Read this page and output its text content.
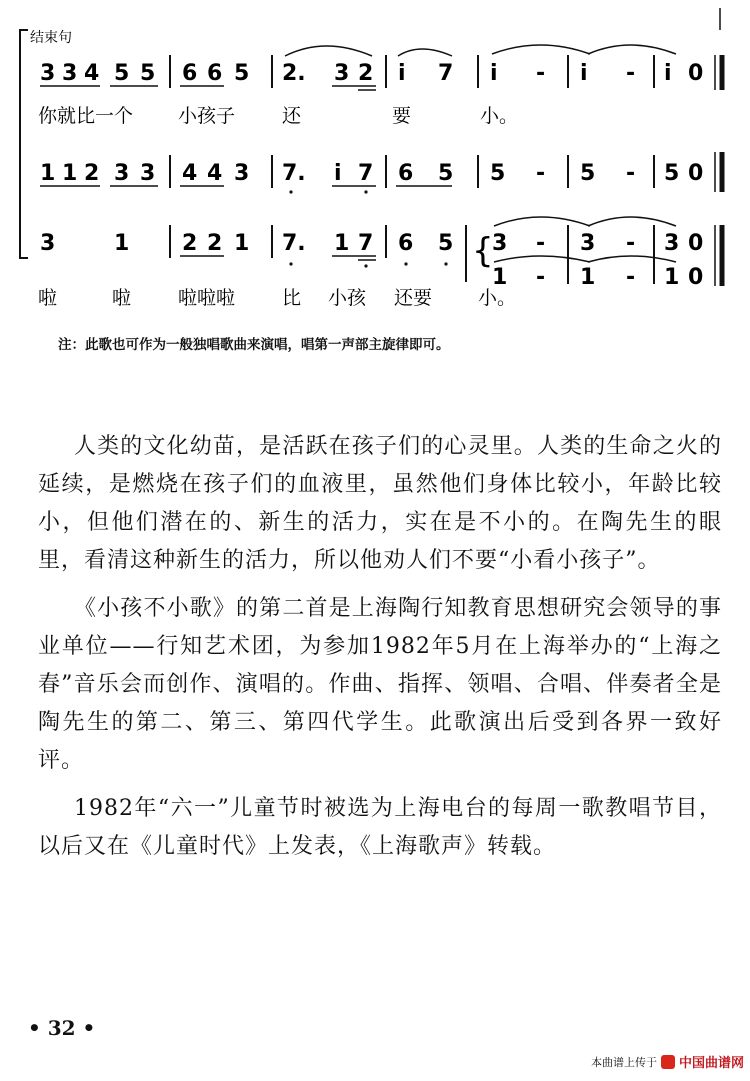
结束句
3 3 4 5 5 6 6 5 2. 3 2 i 7 i - i - i 0
你就比一个 小孩子 还	要	小。
1 1 2 3 3 4 4 3 7. i 7 6 5 5 - 5 - 5 0
3	1 2 2 1 7. 1 7 6 5 {
3 - 3 - 3 0
1 - 1 - 1 0
啦	啦 啦啦啦 比 小孩 还要 小。
注：此歌也可作为一般独唱歌曲来演唱，唱第一声部主旋律即可。

人类的文化幼苗，是活跃在孩子们的心灵里。人类的生命之火的延续，是燃烧在孩子们的血液里，虽然他们身体比较小，年龄比较小，但他们潜在的、新生的活力，实在是不小的。在陶先生的眼里，看清这种新生的活力，所以他劝人们不要“小看小孩子”。

《小孩不小歌》的第二首是上海陶行知教育思想研究会领导的事业单位——行知艺术团，为参加1982年5月在上海举办的“上海之春”音乐会而创作、演唱的。作曲、指挥、领唱、合唱、伴奏者全是陶先生的第二、第三、第四代学生。此歌演出后受到各界一致好评。

1982年“六一”儿童节时被选为上海电台的每周一歌教唱节目，以后又在《儿童时代》上发表，《上海歌声》转载。

• 32 •
本曲谱上传于 中国曲谱网
